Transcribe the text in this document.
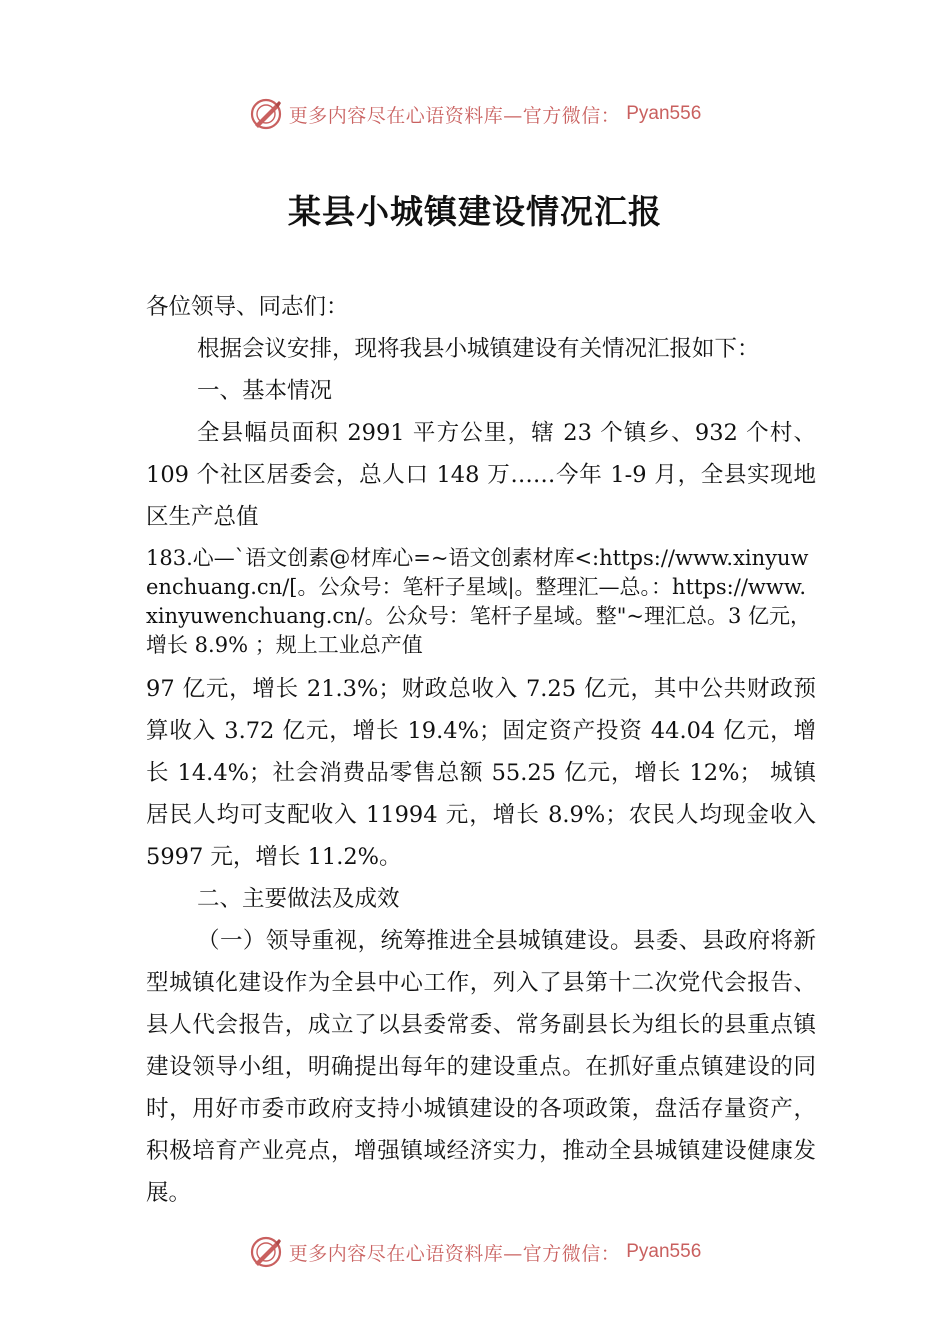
更多内容尽在心语资料库—官方微信： Pyan556
某县小城镇建设情况汇报

各位领导、同志们：

根据会议安排，现将我县小城镇建设有关情况汇报如下：

一、基本情况

全县幅员面积 2991 平方公里，辖 23 个镇乡、932 个村、109 个社区居委会，总人口 148 万……今年 1-9 月，全县实现地区生产总值

183.心—`语文创素@材库心=~语文创素材库<:https://www.xinyuwenchuang.cn/[。公众号：笔杆子星域|。整理汇—总。：https://www.xinyuwenchuang.cn/。公众号：笔杆子星域。整"~理汇总。3 亿元，增长 8.9% ；规上工业总产值

97 亿元，增长 21.3%；财政总收入 7.25 亿元，其中公共财政预算收入 3.72 亿元，增长 19.4%；固定资产投资 44.04 亿元，增长 14.4%；社会消费品零售总额 55.25 亿元，增长 12%； 城镇居民人均可支配收入 11994 元，增长 8.9%；农民人均现金收入 5997 元，增长 11.2%。

二、主要做法及成效

（一）领导重视，统筹推进全县城镇建设。县委、县政府将新型城镇化建设作为全县中心工作，列入了县第十二次党代会报告、县人代会报告，成立了以县委常委、常务副县长为组长的县重点镇建设领导小组，明确提出每年的建设重点。在抓好重点镇建设的同时，用好市委市政府支持小城镇建设的各项政策，盘活存量资产，积极培育产业亮点，增强镇域经济实力，推动全县城镇建设健康发展。

更多内容尽在心语资料库—官方微信： Pyan556
